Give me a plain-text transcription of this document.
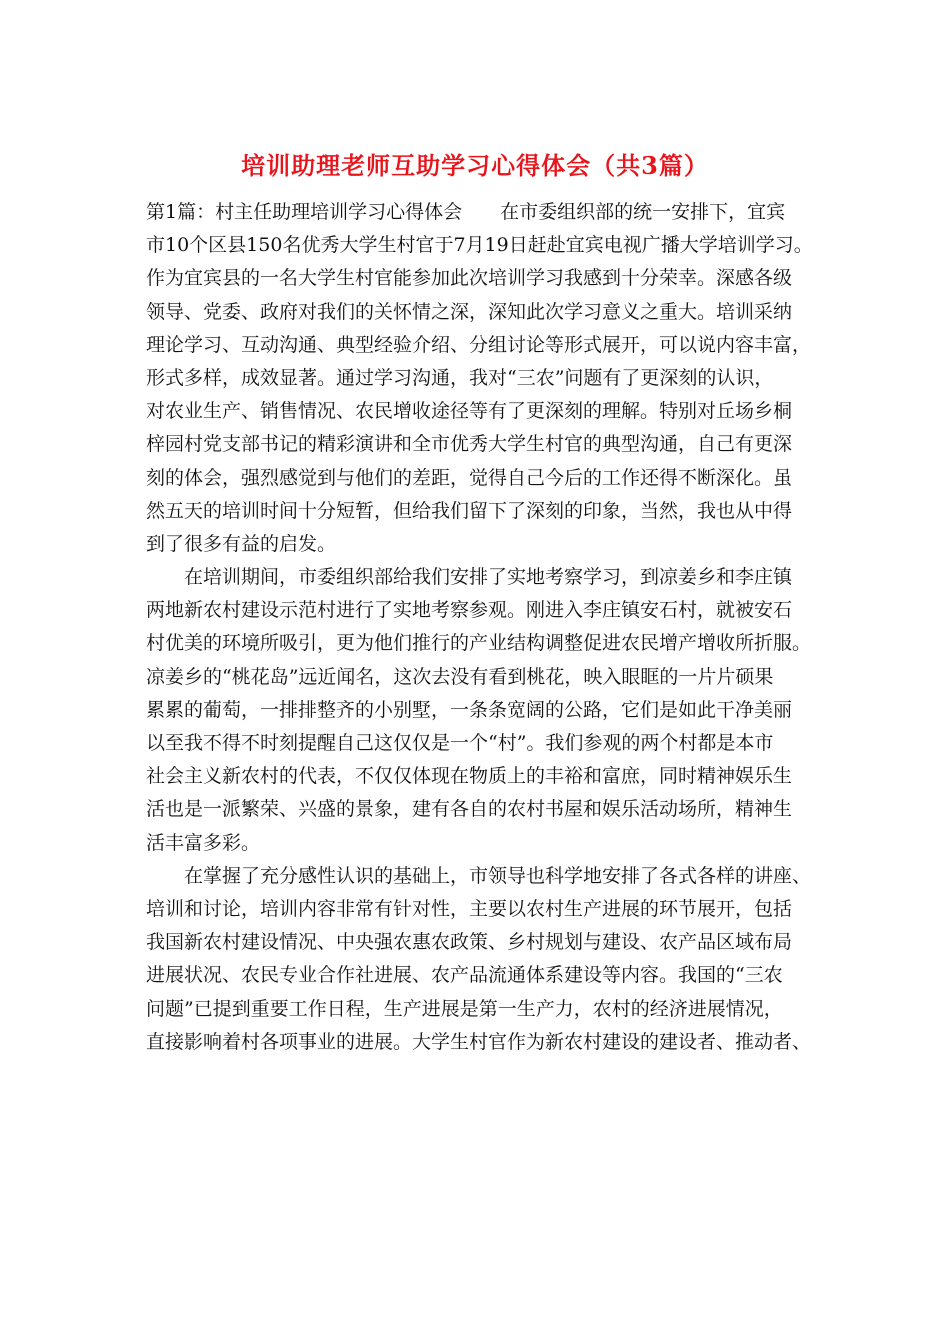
培训助理老师互助学习心得体会（共3篇）
第1篇：村主任助理培训学习心得体会　　在市委组织部的统一安排下，宜宾
市10个区县150名优秀大学生村官于7月19日赶赴宜宾电视广播大学培训学习。
作为宜宾县的一名大学生村官能参加此次培训学习我感到十分荣幸。深感各级
领导、党委、政府对我们的关怀情之深，深知此次学习意义之重大。培训采纳
理论学习、互动沟通、典型经验介绍、分组讨论等形式展开，可以说内容丰富，
形式多样，成效显著。通过学习沟通，我对“三农”问题有了更深刻的认识，
对农业生产、销售情况、农民增收途径等有了更深刻的理解。特别对丘场乡桐
梓园村党支部书记的精彩演讲和全市优秀大学生村官的典型沟通，自己有更深
刻的体会，强烈感觉到与他们的差距，觉得自己今后的工作还得不断深化。虽
然五天的培训时间十分短暂，但给我们留下了深刻的印象，当然，我也从中得
到了很多有益的启发。
在培训期间，市委组织部给我们安排了实地考察学习，到凉姜乡和李庄镇
两地新农村建设示范村进行了实地考察参观。刚进入李庄镇安石村，就被安石
村优美的环境所吸引，更为他们推行的产业结构调整促进农民增产增收所折服。
凉姜乡的“桃花岛”远近闻名，这次去没有看到桃花，映入眼眶的一片片硕果
累累的葡萄，一排排整齐的小别墅，一条条宽阔的公路，它们是如此干净美丽
以至我不得不时刻提醒自己这仅仅是一个“村”。我们参观的两个村都是本市
社会主义新农村的代表，不仅仅体现在物质上的丰裕和富庶，同时精神娱乐生
活也是一派繁荣、兴盛的景象，建有各自的农村书屋和娱乐活动场所，精神生
活丰富多彩。
在掌握了充分感性认识的基础上，市领导也科学地安排了各式各样的讲座、
培训和讨论，培训内容非常有针对性，主要以农村生产进展的环节展开，包括
我国新农村建设情况、中央强农惠农政策、乡村规划与建设、农产品区域布局
进展状况、农民专业合作社进展、农产品流通体系建设等内容。我国的“三农
问题”已提到重要工作日程，生产进展是第一生产力，农村的经济进展情况，
直接影响着村各项事业的进展。大学生村官作为新农村建设的建设者、推动者、
